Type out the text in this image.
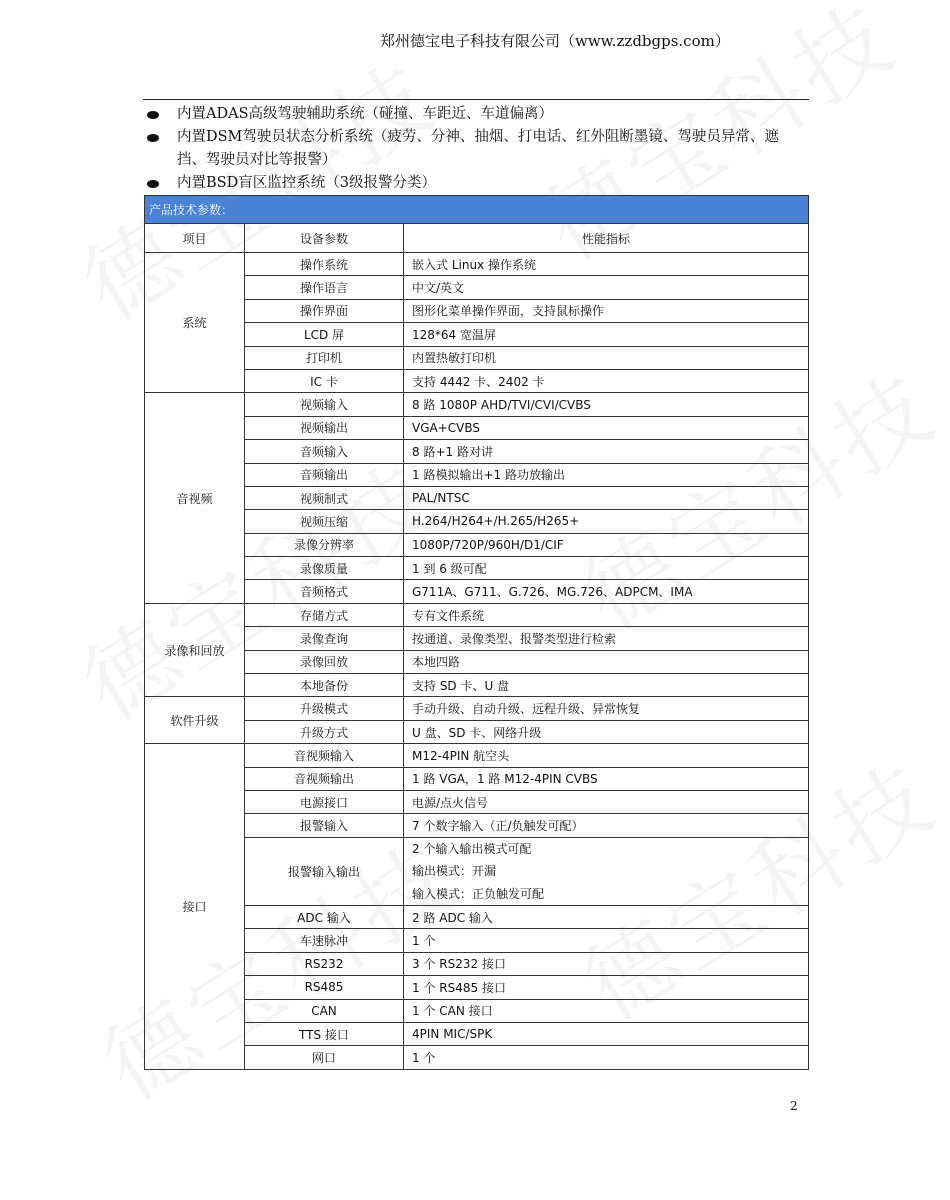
郑州德宝电子科技有限公司（www.zzdbgps.com）
内置ADAS高级驾驶辅助系统（碰撞、车距近、车道偏离）
内置DSM驾驶员状态分析系统（疲劳、分神、抽烟、打电话、红外阻断墨镜、驾驶员异常、遮挡、驾驶员对比等报警）
内置BSD盲区监控系统（3级报警分类）
产品技术参数：		
项目	设备参数	性能指标
系统	操作系统	嵌入式 Linux 操作系统
	操作语言	中文/英文
	操作界面	图形化菜单操作界面，支持鼠标操作
	LCD 屏	128*64 宽温屏
	打印机	内置热敏打印机
	IC 卡	支持 4442 卡、2402 卡
音视频	视频输入	8 路 1080P AHD/TVI/CVI/CVBS
	视频输出	VGA+CVBS
	音频输入	8 路+1 路对讲
	音频输出	1 路模拟输出+1 路功放输出
	视频制式	PAL/NTSC
	视频压缩	H.264/H264+/H.265/H265+
	录像分辨率	1080P/720P/960H/D1/CIF
	录像质量	1 到 6 级可配
	音频格式	G711A、G711、G.726、MG.726、ADPCM、IMA
录像和回放	存储方式	专有文件系统
	录像查询	按通道、录像类型、报警类型进行检索
	录像回放	本地四路
	本地备份	支持 SD 卡、U 盘
软件升级	升级模式	手动升级、自动升级、远程升级、异常恢复
	升级方式	U 盘、SD 卡、网络升级
接口	音视频输入	M12-4PIN 航空头
	音视频输出	1 路 VGA，1 路 M12-4PIN CVBS
	电源接口	电源/点火信号
	报警输入	7 个数字输入（正/负触发可配）
	报警输入输出	2 个输入输出模式可配
输出模式：开漏
输入模式：正负触发可配

	ADC 输入	2 路 ADC 输入
	车速脉冲	1 个
	RS232	3 个 RS232 接口
	RS485	1 个 RS485 接口
	CAN	1 个 CAN 接口
	TTS 接口	4PIN MIC/SPK
	网口	1 个
2
